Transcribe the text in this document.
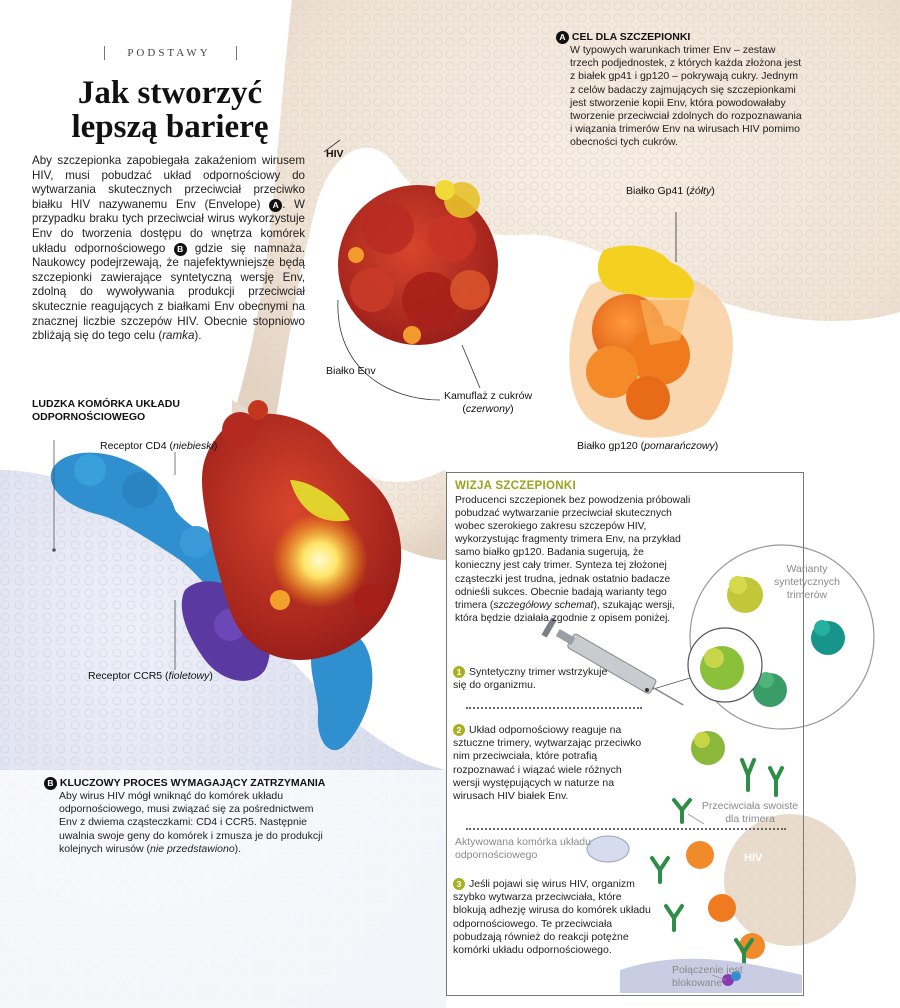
PODSTAWY
Jak stworzyć
lepszą barierę

Aby szczepionka zapobiegała zakażeniom wirusem HIV, musi pobudzać układ odpornościowy do wytwarzania skutecznych przeciwciał przeciwko białku HIV nazywanemu Env (Envelope) A . W przypadku braku tych przeciwciał wirus wykorzystuje Env do tworzenia dostępu do wnętrza komórek układu odpornościowego B gdzie się namnaża. Naukowcy podejrzewają, że najefektywniejsze będą szczepionki zawierające syntetyczną wersję Env, zdolną do wywoływania produkcji przeciwciał skutecznie reagujących z białkami Env obecnymi na znacznej liczbie szczepów HIV. Obecnie stopniowo zbliżają się do tego celu (ramka).

A CEL DLA SZCZEPIONKI
W typowych warunkach trimer Env – zestaw trzech podjednostek, z których każda złożona jest z białek gp41 i gp120 – pokrywają cukry. Jednym z celów badaczy zajmujących się szczepionkami jest stworzenie kopii Env, która powodowałaby tworzenie przeciwciał zdolnych do rozpoznawania i wiązania trimerów Env na wirusach HIV pomimo obecności tych cukrów.
HIV
Białko Gp41 (żółty)
Białko Env
Kamuflaż z cukrów
(czerwony)
Białko gp120 (pomarańczowy)
LUDZKA KOMÓRKA UKŁADU
ODPORNOŚCIOWEGO
Receptor CD4 (niebieski)
Receptor CCR5 (fioletowy)
B KLUCZOWY PROCES WYMAGAJĄCY ZATRZYMANIA
Aby wirus HIV mógł wniknąć do komórek układu odpornościowego, musi związać się za pośrednictwem Env z dwiema cząsteczkami: CD4 i CCR5. Następnie uwalnia swoje geny do komórek i zmusza je do produkcji kolejnych wirusów (nie przedstawiono).
WIZJA SZCZEPIONKI
Producenci szczepionek bez powodzenia próbowali pobudzać wytwarzanie przeciwciał skutecznych wobec szerokiego zakresu szczepów HIV, wykorzystując fragmenty trimera Env, na przykład samo białko gp120. Badania sugerują, że konieczny jest cały trimer. Synteza tej złożonej cząsteczki jest trudna, jednak ostatnio badacze odnieśli sukces. Obecnie badają warianty tego trimera (szczegółowy schemat), szukając wersji, która będzie działała zgodnie z opisem poniżej.
Warianty syntetycznych trimerów
1 Syntetyczny trimer wstrzykuje się do organizmu.
2 Układ odpornościowy reaguje na sztuczne trimery, wytwarzając przeciwko nim przeciwciała, które potrafią rozpoznawać i wiązać wiele różnych wersji występujących w naturze na wirusach HIV białek Env.
Przeciwciała swoiste dla trimera
Aktywowana komórka układu odpornościowego
3 Jeśli pojawi się wirus HIV, organizm szybko wytwarza przeciwciała, które blokują adhezję wirusa do komórek układu odpornościowego. Te przeciwciała pobudzają również do reakcji potężne komórki układu odpornościowego.
HIV
Połączenie jest blokowane
